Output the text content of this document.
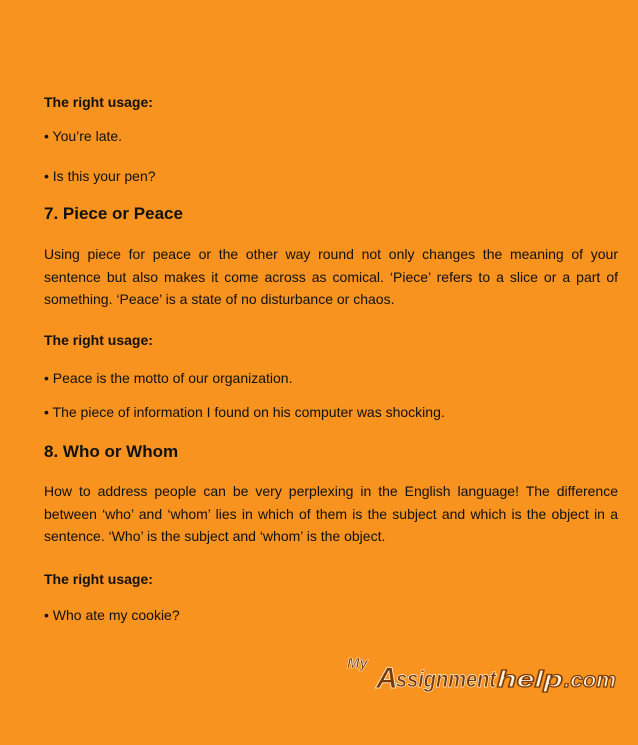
The right usage:

• You’re late.

• Is this your pen?

7. Piece or Peace

Using piece for peace or the other way round not only changes the meaning of your sentence but also makes it come across as comical. ‘Piece’ refers to a slice or a part of something. ‘Peace’ is a state of no disturbance or chaos.

The right usage:

• Peace is the motto of our organization.

• The piece of information I found on his computer was shocking.

8. Who or Whom

How to address people can be very perplexing in the English language! The difference between ‘who’ and ‘whom’ lies in which of them is the subject and which is the object in a sentence. ‘Who’ is the subject and ‘whom’ is the object.

The right usage:

• Who ate my cookie?

My A
ssignment help .com
